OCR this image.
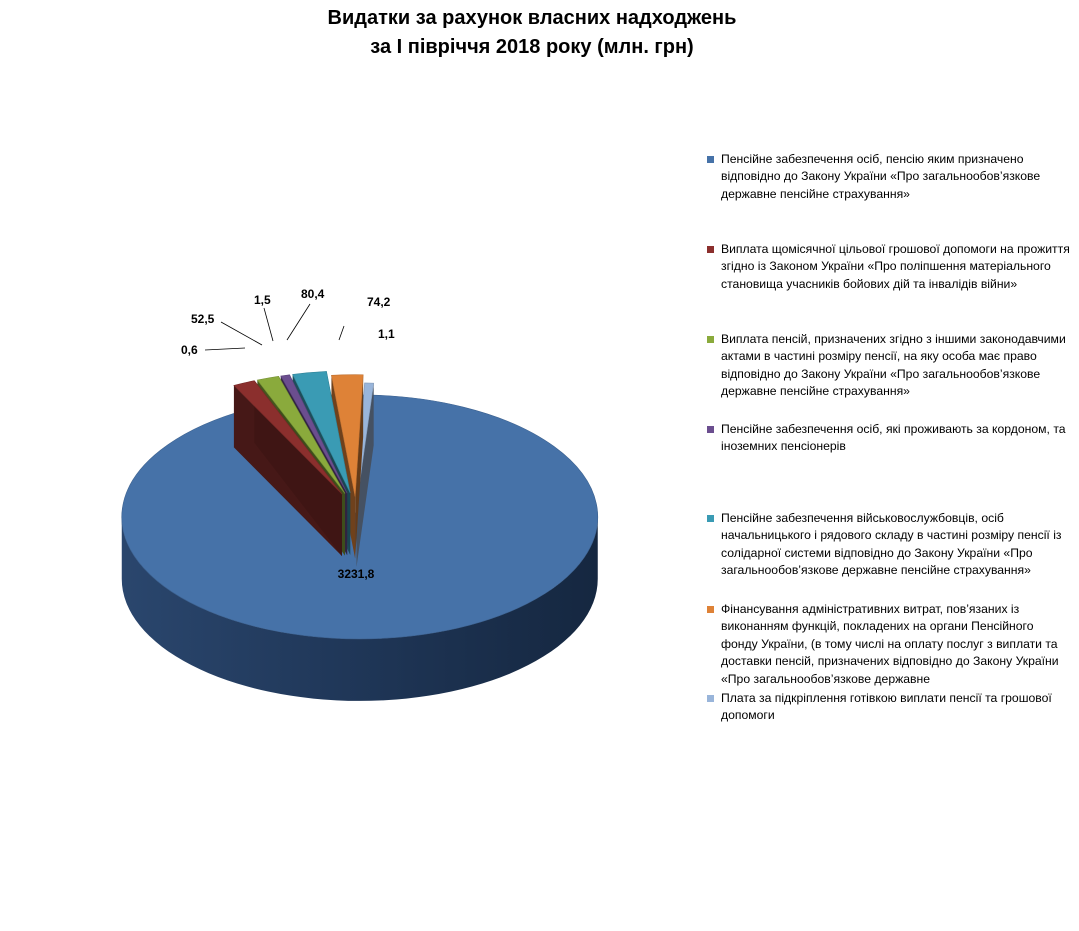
Видатки за рахунок власних надходжень
за І півріччя 2018 року (млн. грн)
3231,8
52,5
1,5	80,4
1,1
74,2
0,6
Пенсійне забезпечення осіб, пенсію яким призначено відповідно до Закону України «Про загальнообов’язкове державне пенсійне страхування»
Виплата щомісячної цільової грошової допомоги на прожиття згідно із Законом України «Про поліпшення матеріального становища учасників бойових дій та інвалідів війни»
Виплата пенсій, призначених згідно з іншими законодавчими актами в частині розміру пенсії, на яку особа має право відповідно до Закону України «Про загальнообов’язкове державне пенсійне страхування»
Пенсійне забезпечення осіб, які проживають за кордоном, та іноземних пенсіонерів
Пенсійне забезпечення військовослужбовців, осіб начальницького і рядового складу в частині розміру пенсії із солідарної системи відповідно до Закону України «Про загальнообов’язкове державне пенсійне страхування»
Фінансування адміністративних витрат, пов’язаних із виконанням функцій, покладених на органи Пенсійного фонду України, (в тому числі на оплату послуг з виплати та доставки пенсій, призначених відповідно до Закону України «Про загальнообов’язкове державне
Плата за підкріплення готівкою виплати пенсії та грошової допомоги
